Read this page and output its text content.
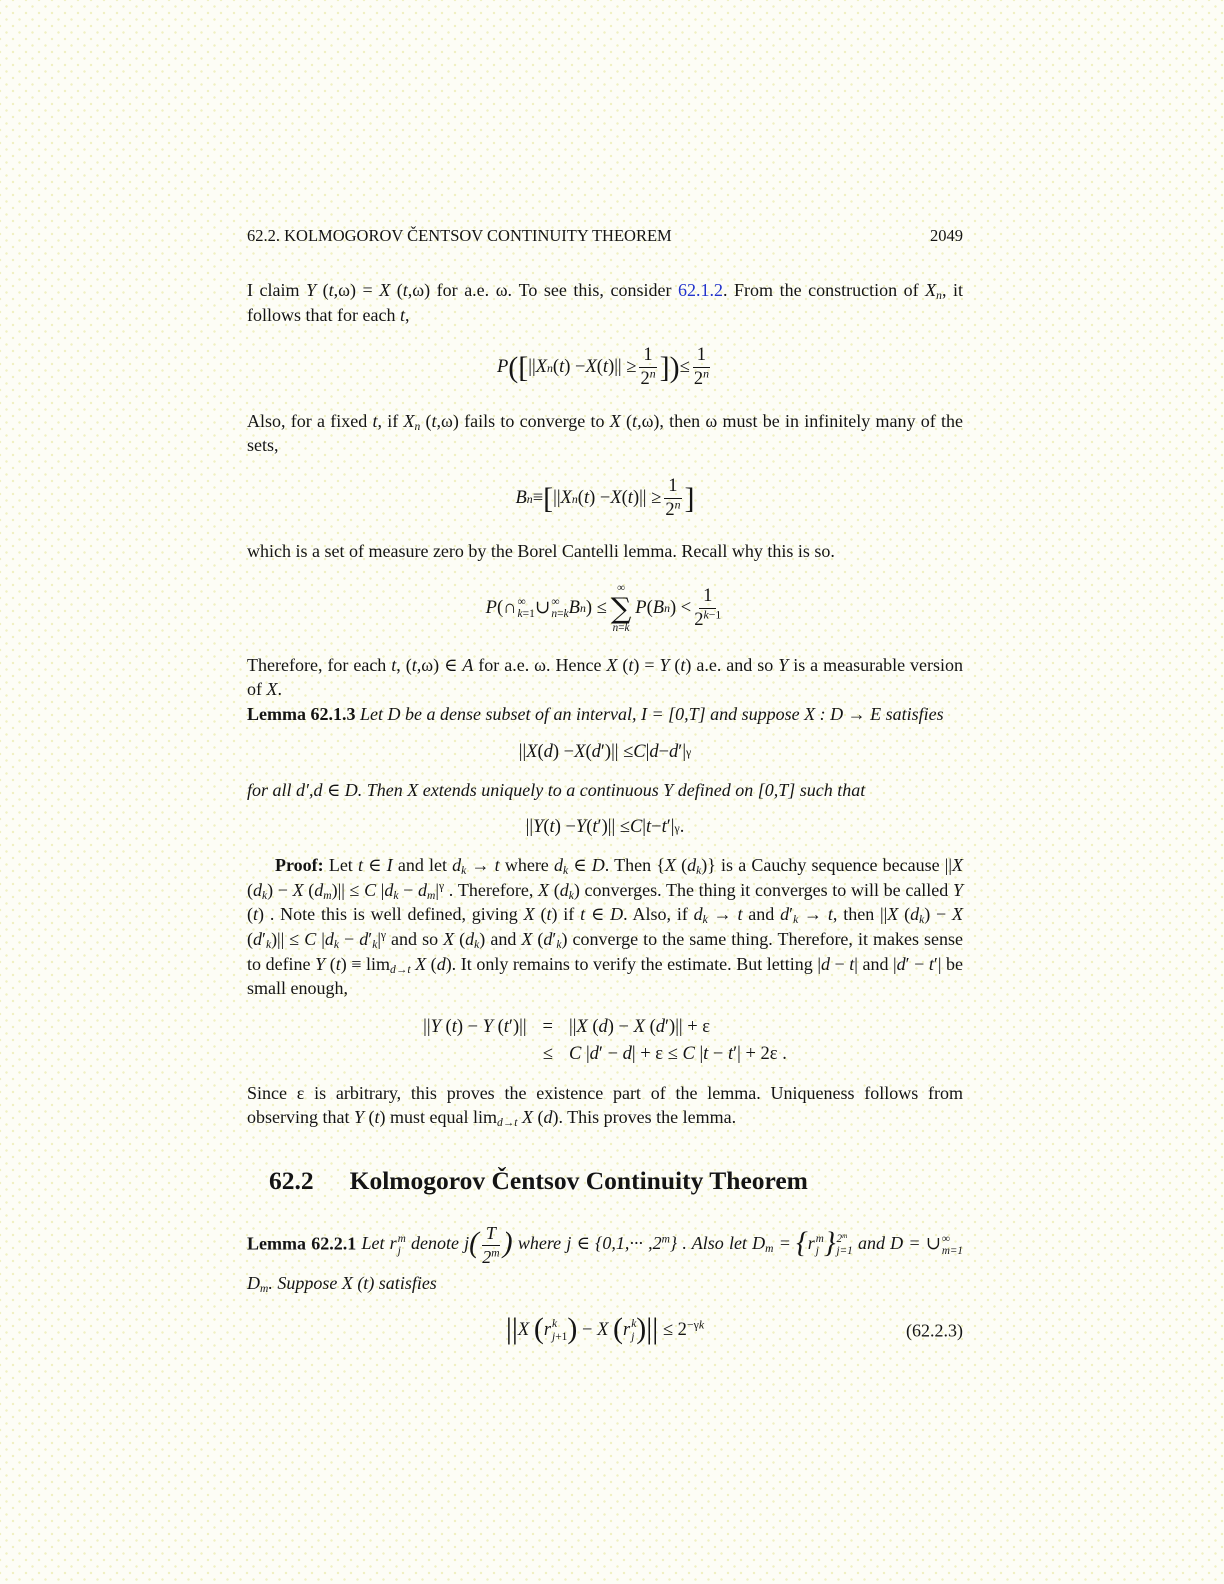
62.2. KOLMOGOROV ČENTSOV CONTINUITY THEOREM	2049

I claim Y (t,ω) = X (t,ω) for a.e. ω. To see this, consider 62.1.2. From the construction of $X_n$, it follows that for each t,

P ( [ || X n ( t ) − X ( t )|| ≥ $\frac{1}{2^n}$ ] ) ≤ $\frac{1}{2^n}$

Also, for a fixed t, if $X_n$ (t,ω) fails to converge to X (t,ω), then ω must be in infinitely many of the sets,

B n ≡ [ || X n ( t ) − X ( t )|| ≥ $\frac{1}{2^n}$ ]

which is a set of measure zero by the Borel Cantelli lemma. Recall why this is so.

P (∩ ∞
k=1 ∪ ∞
n=k B n ) ≤
∞
∑
n=k
P ( B n ) < $\frac{1}{2^{k-1}}$

Therefore, for each t, (t,ω) ∈ A for a.e. ω. Hence X (t) = Y (t) a.e. and so Y is a measurable version of X.

Lemma 62.1.3 Let D be a dense subset of an interval, I = [0,T] and suppose X : D → E satisfies

|| X ( d ) − X ( d ′)|| ≤ C | d − d ′| γ

for all d′,d ∈ D. Then X extends uniquely to a continuous Y defined on [0,T] such that

|| Y ( t ) − Y ( t ′)|| ≤ C | t − t ′| γ .

Proof: Let t ∈ I and let $d_k \to t$ where $d_k$ ∈ D. Then {X $(d_k)$} is a Cauchy sequence because ||X $(d_k) - X$ $(d_m)|| \le C$ $|d_k - d_m|^\gamma$ . Therefore, X $(d_k)$ converges. The thing it converges to will be called Y (t) . Note this is well defined, giving X (t) if t ∈ D. Also, if $d_k \to t$ and $d'_k \to t$, then ||X $(d_k) - X$ $(d'_k)|| \le C$ $|d_k - d'_k|^\gamma$ and so X $(d_k)$ and X $(d'_k)$ converge to the same thing. Therefore, it makes sense to define Y $(t) \equiv \lim_{d\to t} X$ (d). It only remains to verify the estimate. But letting |d − t| and |d′ − t′| be small enough,

||Y (t) − Y (t′)|| = ||X (d) − X (d′)|| + ε
≤ C |d′ − d| + ε ≤ C |t − t′| + 2ε .

Since ε is arbitrary, this proves the existence part of the lemma. Uniqueness follows from observing that Y (t) must equal $\lim_{d\to t} X$ (d). This proves the lemma.

62.2 Kolmogorov Čentsov Continuity Theorem

Lemma 62.2.1 Let r m
j denote $j( \frac{T}{2^m}$ ) where j ∈ $\{0,1,\cdot\cdot\cdot ,2^m\}$ . Also let $D_m = \{r$ m
j } 2$^m$
j=1 and D = ∪ ∞
m=1
$D_m$. Suppose X (t) satisfies

||X (r k
j+1 ) − X (r k
j )|| ≤ $2^{-\gamma k}$	(62.2.3)
